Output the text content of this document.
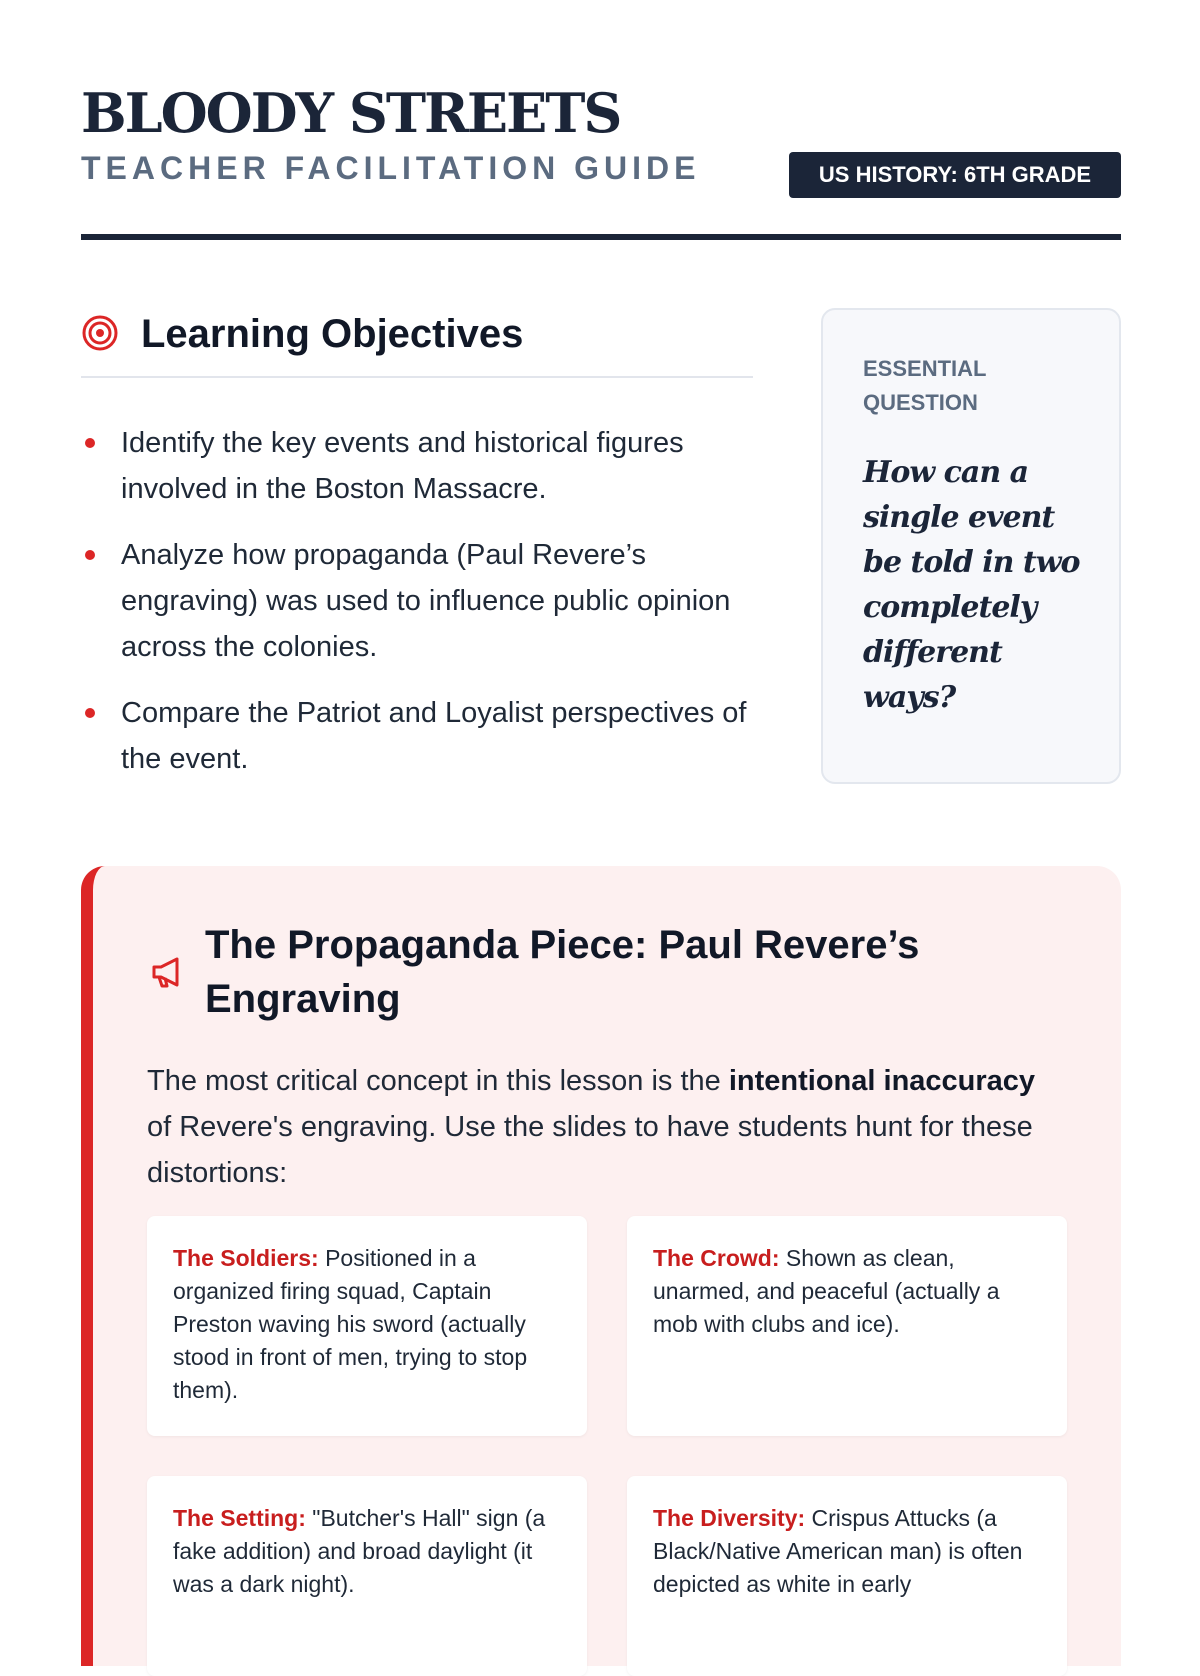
BLOODY STREETS
TEACHER FACILITATION GUIDE	US HISTORY: 6TH GRADE
Learning Objectives
Identify the key events and historical figures involved in the Boston Massacre.
Analyze how propaganda (Paul Revere’s engraving) was used to influence public opinion across the colonies.
Compare the Patriot and Loyalist perspectives of the event.
ESSENTIAL QUESTION
How can a single event be told in two completely different ways?
The Propaganda Piece: Paul Revere’s Engraving

The most critical concept in this lesson is the intentional inaccuracy of Revere's engraving. Use the slides to have students hunt for these distortions:

The Soldiers: Positioned in a organized firing squad, Captain Preston waving his sword (actually stood in front of men, trying to stop them).
The Crowd: Shown as clean, unarmed, and peaceful (actually a mob with clubs and ice).
The Setting: "Butcher's Hall" sign (a fake addition) and broad daylight (it was a dark night).
The Diversity: Crispus Attucks (a Black/Native American man) is often depicted as white in early
